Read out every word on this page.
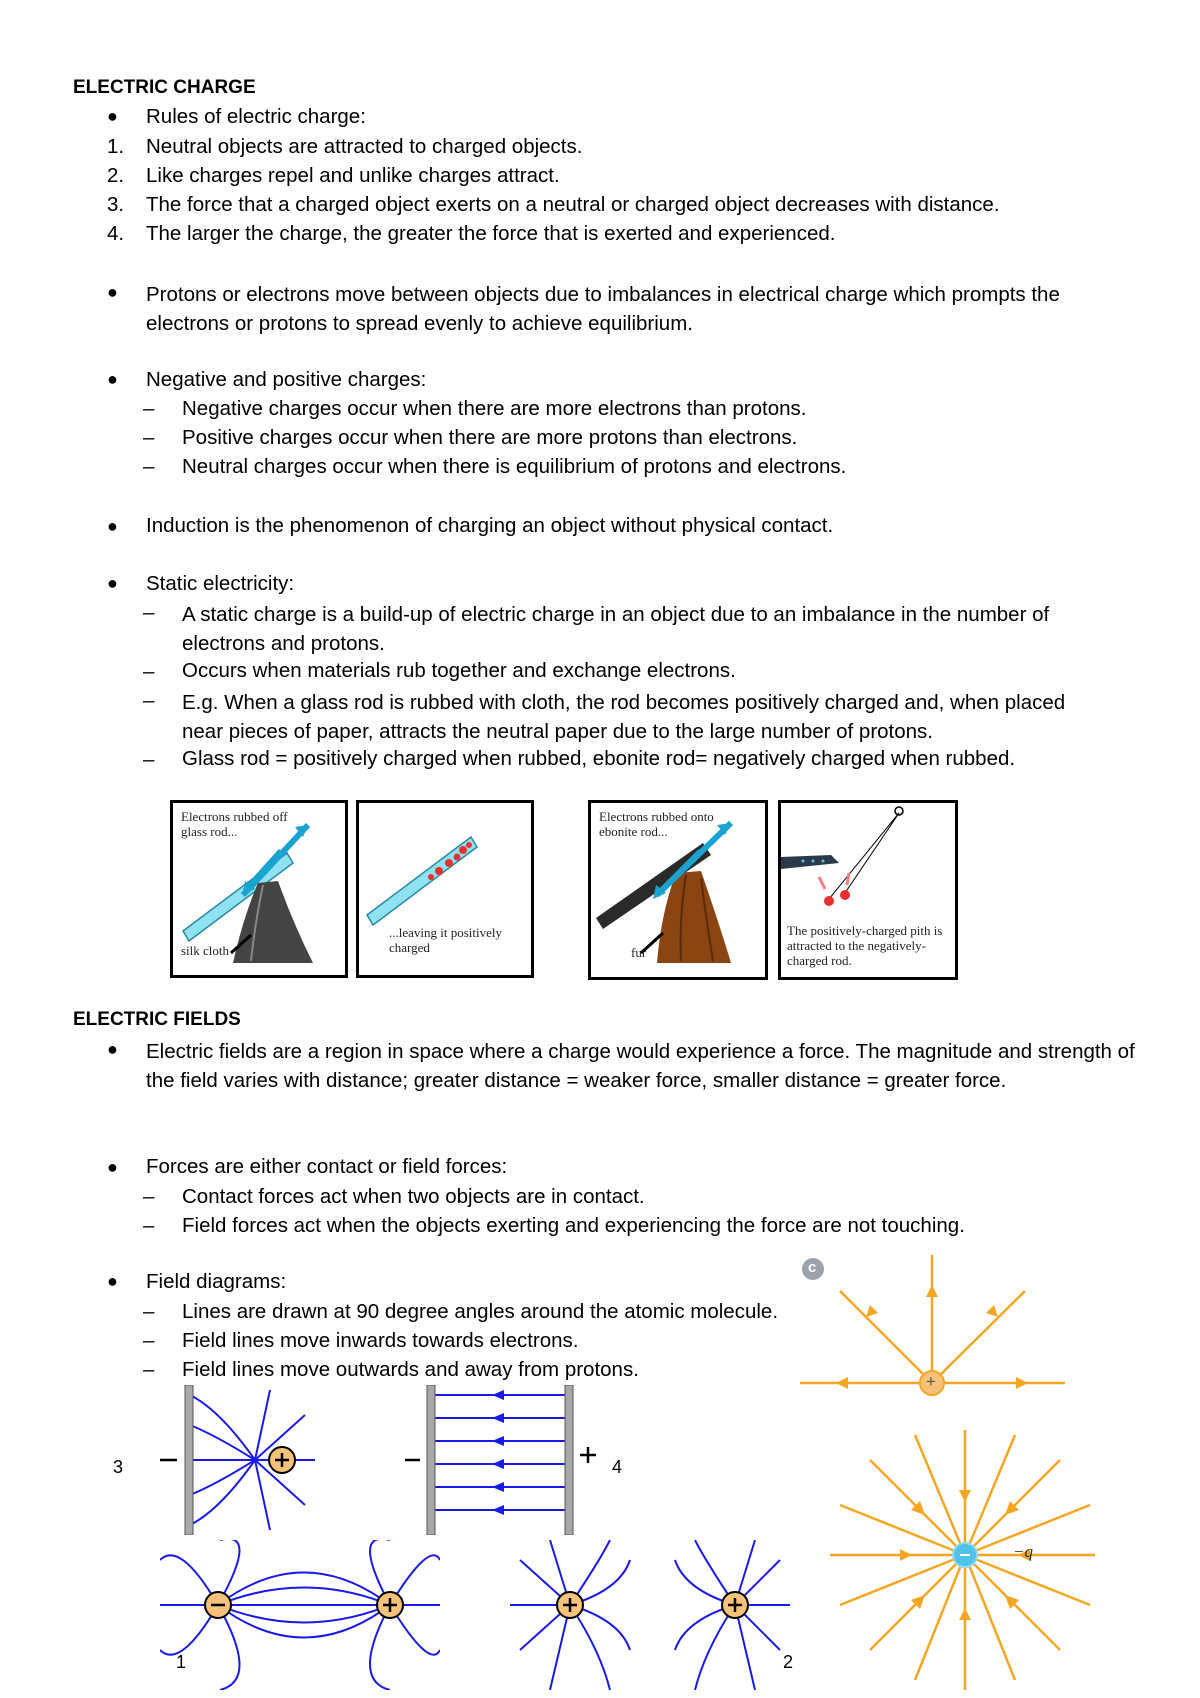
ELECTRIC CHARGE
● Rules of electric charge:
1. Neutral objects are attracted to charged objects.
2. Like charges repel and unlike charges attract.
3. The force that a charged object exerts on a neutral or charged object decreases with distance.
4. The larger the charge, the greater the force that is exerted and experienced.
● Protons or electrons move between objects due to imbalances in electrical charge which prompts the electrons or protons to spread evenly to achieve equilibrium.
● Negative and positive charges:
– Negative charges occur when there are more electrons than protons.
– Positive charges occur when there are more protons than electrons.
– Neutral charges occur when there is equilibrium of protons and electrons.
● Induction is the phenomenon of charging an object without physical contact.
● Static electricity:
– A static charge is a build-up of electric charge in an object due to an imbalance in the number of electrons and protons.
– Occurs when materials rub together and exchange electrons.
– E.g. When a glass rod is rubbed with cloth, the rod becomes positively charged and, when placed near pieces of paper, attracts the neutral paper due to the large number of protons.
– Glass rod = positively charged when rubbed, ebonite rod= negatively charged when rubbed.
Electrons rubbed off glass rod...
silk cloth
...leaving it positively charged
Electrons rubbed onto ebonite rod...
fur
The positively-charged pith is attracted to the negatively-charged rod.
ELECTRIC FIELDS
● Electric fields are a region in space where a charge would experience a force. The magnitude and strength of the field varies with distance; greater distance = weaker force, smaller distance = greater force.
● Forces are either contact or field forces:
– Contact forces act when two objects are in contact.
– Field forces act when the objects exerting and experiencing the force are not touching.
● Field diagrams:
– Lines are drawn at 90 degree angles around the atomic molecule.
– Field lines move inwards towards electrons.
– Field lines move outwards and away from protons.
3	4
1	2
+
c
−q
